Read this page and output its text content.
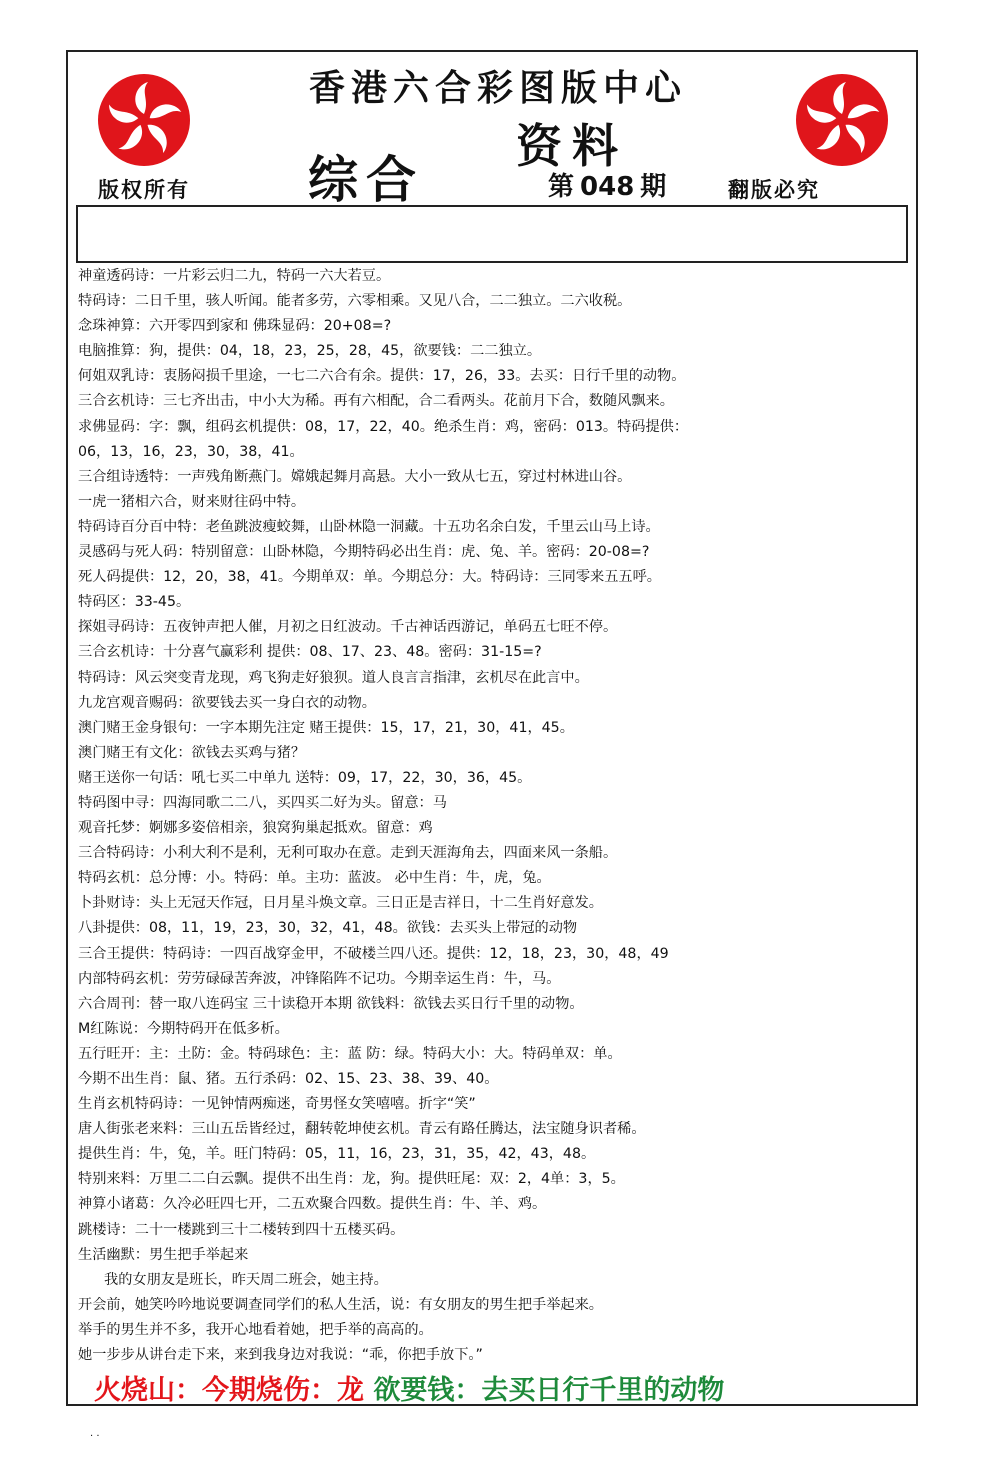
香港六合彩图版中心
综合
资料
第 048 期
版权所有	翻版必究
神童透码诗：一片彩云归二九，特码一六大若豆。
特码诗：二日千里，骇人听闻。能者多劳，六零相乘。又见八合，二二独立。二六收税。
念珠神算：六开零四到家和 佛珠显码：20+08=?
电脑推算：狗，提供：04，18，23，25，28，45，欲要钱：二二独立。
何姐双乳诗：衷肠闷损千里途，一七二六合有余。提供：17，26，33。去买：日行千里的动物。
三合玄机诗：三七齐出击，中小大为稀。再有六相配，合二看两头。花前月下合，数随风飘来。
求佛显码：字：飘，组码玄机提供：08，17，22，40。绝杀生肖：鸡，密码：013。特码提供：
06，13，16，23，30，38，41。
三合组诗透特：一声残角断燕门。嫦娥起舞月高悬。大小一致从七五，穿过村林进山谷。
一虎一猪相六合，财来财往码中特。
特码诗百分百中特：老鱼跳波瘦蛟舞，山卧林隐一洞藏。十五功名余白发，千里云山马上诗。
灵感码与死人码：特别留意：山卧林隐，今期特码必出生肖：虎、兔、羊。密码：20-08=?
死人码提供：12，20，38，41。今期单双：单。今期总分：大。特码诗：三同零来五五呼。
特码区：33-45。
探姐寻码诗：五夜钟声把人催，月初之日红波动。千古神话西游记，单码五七旺不停。
三合玄机诗：十分喜气赢彩利 提供：08、17、23、48。密码：31-15=?
特码诗：风云突变青龙现，鸡飞狗走好狼狈。道人良言言指津，玄机尽在此言中。
九龙宫观音赐码：欲要钱去买一身白衣的动物。
澳门赌王金身银句：一字本期先注定 赌王提供：15，17，21，30，41，45。
澳门赌王有文化：欲钱去买鸡与猪？
赌王送你一句话：吼七买二中单九 送特：09，17，22，30，36，45。
特码图中寻：四海同歌二二八，买四买二好为头。留意：马
观音托梦：婀娜多姿倍相亲，狼窝狗巢起抵欢。留意：鸡
三合特码诗：小利大利不是利，无利可取办在意。走到天涯海角去，四面来风一条船。
特码玄机：总分博：小。特码：单。主功：蓝波。 必中生肖：牛，虎，兔。
卜卦财诗：头上无冠天作冠，日月星斗焕文章。三日正是吉祥日，十二生肖好意发。
八卦提供：08，11，19，23，30，32，41，48。欲钱：去买头上带冠的动物
三合王提供：特码诗：一四百战穿金甲，不破楼兰四八还。提供：12，18，23，30，48，49
内部特码玄机：劳劳碌碌苦奔波，冲锋陷阵不记功。今期幸运生肖：牛，马。
六合周刊：替一取八连码宝 三十读稳开本期 欲钱料：欲钱去买日行千里的动物。
M红陈说：今期特码开在低多析。
五行旺开：主：土防：金。特码球色：主：蓝 防：绿。特码大小：大。特码单双：单。
今期不出生肖：鼠、猪。五行杀码：02、15、23、38、39、40。
生肖玄机特码诗：一见钟情两痴迷，奇男怪女笑嘻嘻。折字“笑”
唐人街张老来料：三山五岳皆经过，翻转乾坤使玄机。青云有路任腾达，法宝随身识者稀。
提供生肖：牛，兔，羊。旺门特码：05，11，16，23，31，35，42，43，48。
特别来料：万里二二白云飘。提供不出生肖：龙，狗。提供旺尾：双：2，4单：3，5。
神算小诸葛：久冷必旺四七开，二五欢聚合四数。提供生肖：牛、羊、鸡。
跳楼诗：二十一楼跳到三十二楼转到四十五楼买码。
生活幽默：男生把手举起来
我的女朋友是班长，昨天周二班会，她主持。
开会前，她笑吟吟地说要调查同学们的私人生活，说：有女朋友的男生把手举起来。
举手的男生并不多，我开心地看着她，把手举的高高的。
她一步步从讲台走下来，来到我身边对我说：“乖，你把手放下。”
火烧山：今期烧伤：龙 欲要钱：去买日行千里的动物
. .
